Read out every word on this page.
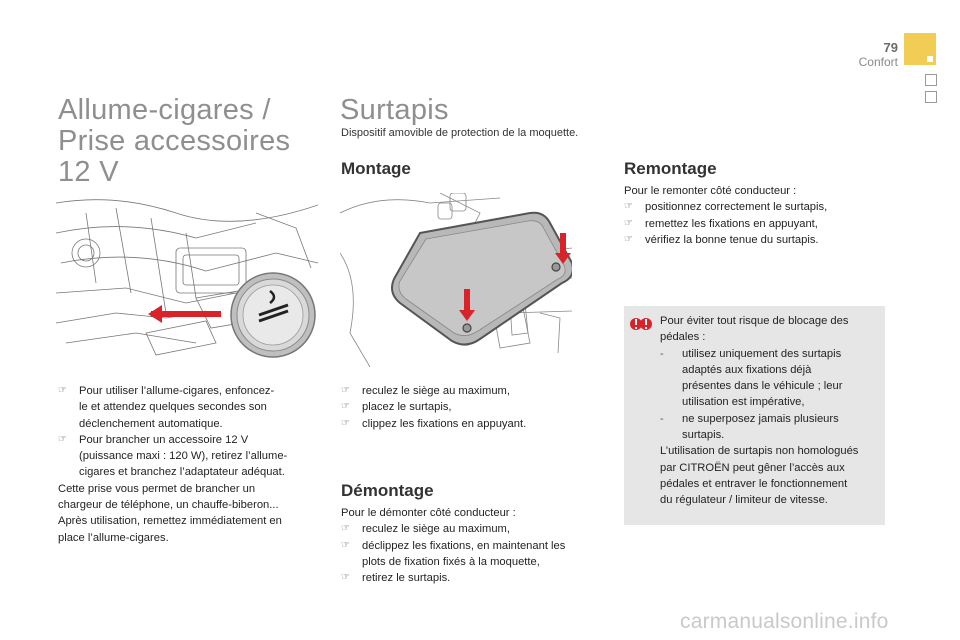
79
Confort
Allume-cigares /
Prise accessoires
12 V
☞	Pour utiliser l’allume-cigares, enfoncez-
le et attendez quelques secondes son
déclenchement automatique.
☞	Pour brancher un accessoire 12 V
(puissance maxi : 120 W), retirez l’allume-
cigares et branchez l’adaptateur adéquat.
Cette prise vous permet de brancher un
chargeur de téléphone, un chauffe-biberon...
Après utilisation, remettez immédiatement en
place l’allume-cigares.
Surtapis
Dispositif amovible de protection de la moquette.
Montage
☞	reculez le siège au maximum,
☞	placez le surtapis,
☞	clippez les fixations en appuyant.
Démontage
Pour le démonter côté conducteur :
☞	reculez le siège au maximum,
☞	déclippez les fixations, en maintenant les
plots de fixation fixés à la moquette,
☞	retirez le surtapis.
Remontage
Pour le remonter côté conducteur :
☞	positionnez correctement le surtapis,
☞	remettez les fixations en appuyant,
☞	vérifiez la bonne tenue du surtapis.
Pour éviter tout risque de blocage des
pédales :
-	utilisez uniquement des surtapis
adaptés aux fixations déjà
présentes dans le véhicule ; leur
utilisation est impérative,
-	ne superposez jamais plusieurs
surtapis.
L’utilisation de surtapis non homologués
par CITROËN peut gêner l’accès aux
pédales et entraver le fonctionnement
du régulateur / limiteur de vitesse.
carmanualsonline.info
